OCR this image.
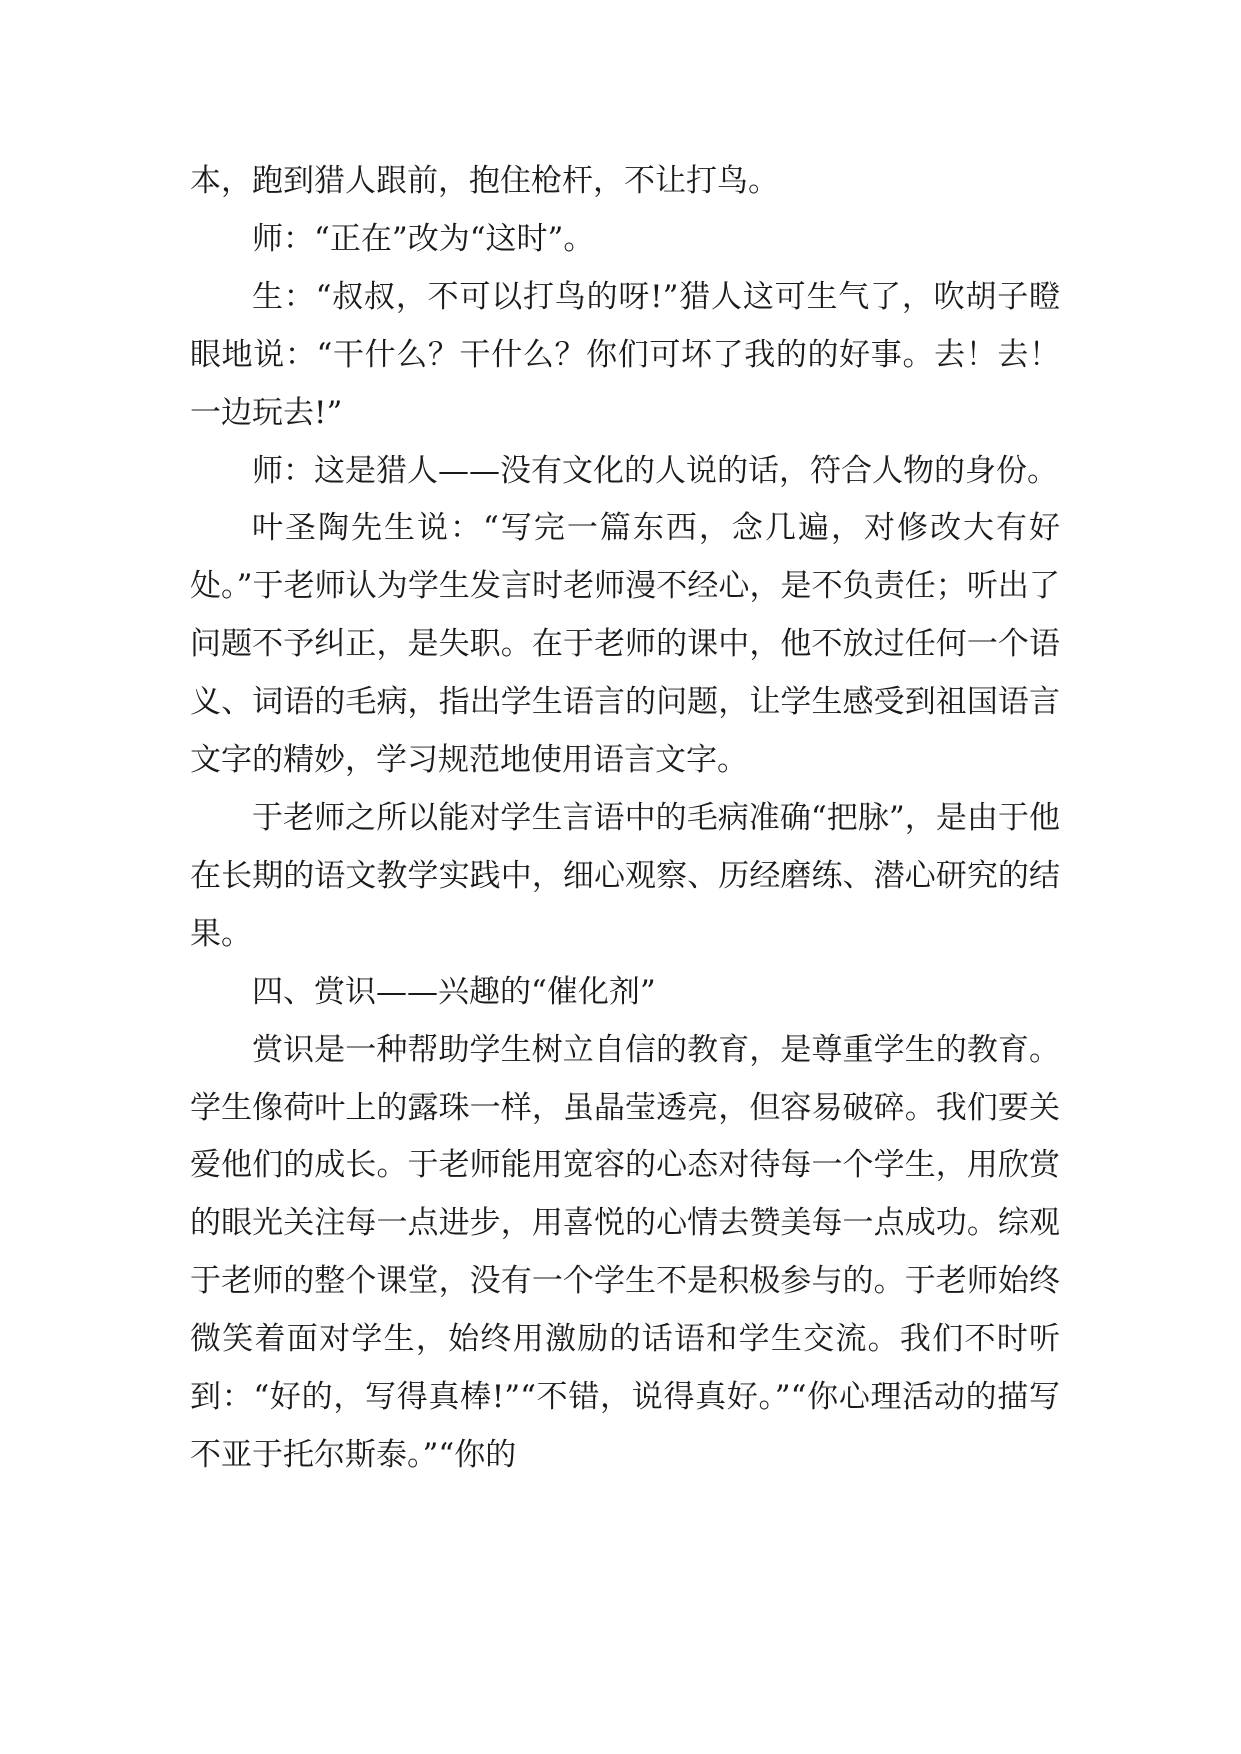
本，跑到猎人跟前，抱住枪杆，不让打鸟。

师：“正在”改为“这时”。

生：“叔叔，不可以打鸟的呀!”猎人这可生气了，吹胡子瞪眼地说：“干什么？干什么？你们可坏了我的的好事。去！去！一边玩去!”

师：这是猎人——没有文化的人说的话，符合人物的身份。

叶圣陶先生说：“写完一篇东西，念几遍，对修改大有好处。”于老师认为学生发言时老师漫不经心，是不负责任；听出了问题不予纠正，是失职。在于老师的课中，他不放过任何一个语义、词语的毛病，指出学生语言的问题，让学生感受到祖国语言文字的精妙，学习规范地使用语言文字。

于老师之所以能对学生言语中的毛病准确“把脉”，是由于他在长期的语文教学实践中，细心观察、历经磨练、潜心研究的结果。

四、赏识——兴趣的“催化剂”

赏识是一种帮助学生树立自信的教育，是尊重学生的教育。学生像荷叶上的露珠一样，虽晶莹透亮，但容易破碎。我们要关爱他们的成长。于老师能用宽容的心态对待每一个学生，用欣赏的眼光关注每一点进步，用喜悦的心情去赞美每一点成功。综观于老师的整个课堂，没有一个学生不是积极参与的。于老师始终微笑着面对学生，始终用激励的话语和学生交流。我们不时听到：“好的，写得真棒!”“不错，说得真好。”“你心理活动的描写不亚于托尔斯泰。”“你的
